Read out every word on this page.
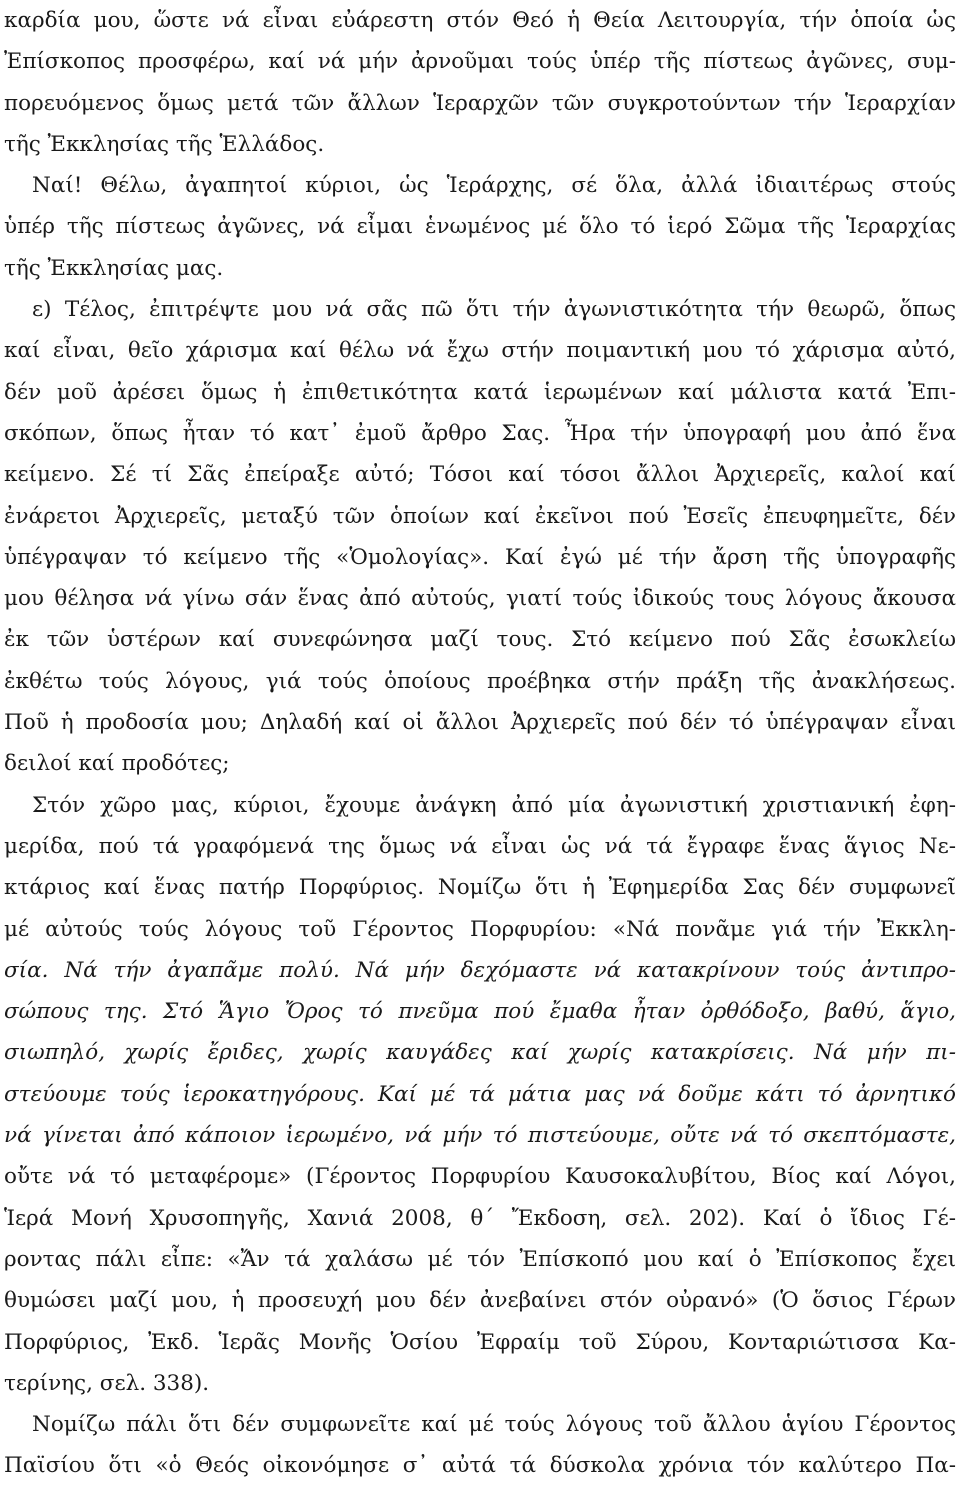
καρδία μου, ὥστε νά εἶναι εὐάρεστη στόν Θεό ἡ Θεία Λειτουργία, τήν ὁποία ὡς
Ἐπίσκοπος προσφέρω, καί νά μήν ἀρνοῦμαι τούς ὑπέρ τῆς πίστεως ἀγῶνες, συμ-
πορευόμενος ὅμως μετά τῶν ἄλλων Ἱεραρχῶν τῶν συγκροτούντων τήν Ἱεραρχίαν
τῆς Ἐκκλησίας τῆς Ἑλλάδος.
Ναί! Θέλω, ἀγαπητοί κύριοι, ὡς Ἱεράρχης, σέ ὅλα, ἀλλά ἰδιαιτέρως στούς
ὑπέρ τῆς πίστεως ἀγῶνες, νά εἶμαι ἑνωμένος μέ ὅλο τό ἱερό Σῶμα τῆς Ἱεραρχίας
τῆς Ἐκκλησίας μας.
ε) Τέλος, ἐπιτρέψτε μου νά σᾶς πῶ ὅτι τήν ἀγωνιστικότητα τήν θεωρῶ, ὅπως
καί εἶναι, θεῖο χάρισμα καί θέλω νά ἔχω στήν ποιμαντική μου τό χάρισμα αὐτό,
δέν μοῦ ἀρέσει ὅμως ἡ ἐπιθετικότητα κατά ἱερωμένων καί μάλιστα κατά Ἐπι-
σκόπων, ὅπως ἦταν τό κατ᾿ ἐμοῦ ἄρθρο Σας. Ἦρα τήν ὑπογραφή μου ἀπό ἕνα
κείμενο. Σέ τί Σᾶς ἐπείραξε αὐτό; Τόσοι καί τόσοι ἄλλοι Ἀρχιερεῖς, καλοί καί
ἐνάρετοι Ἀρχιερεῖς, μεταξύ τῶν ὁποίων καί ἐκεῖνοι πού Ἐσεῖς ἐπευφημεῖτε, δέν
ὑπέγραψαν τό κείμενο τῆς «Ὁμολογίας». Καί ἐγώ μέ τήν ἄρση τῆς ὑπογραφῆς
μου θέλησα νά γίνω σάν ἕνας ἀπό αὐτούς, γιατί τούς ἰδικούς τους λόγους ἄκουσα
ἐκ τῶν ὑστέρων καί συνεφώνησα μαζί τους. Στό κείμενο πού Σᾶς ἐσωκλείω
ἐκθέτω τούς λόγους, γιά τούς ὁποίους προέβηκα στήν πράξη τῆς ἀνακλήσεως.
Ποῦ ἡ προδοσία μου; Δηλαδή καί οἱ ἄλλοι Ἀρχιερεῖς πού δέν τό ὑπέγραψαν εἶναι
δειλοί καί προδότες;
Στόν χῶρο μας, κύριοι, ἔχουμε ἀνάγκη ἀπό μία ἀγωνιστική χριστιανική ἐφη-
μερίδα, πού τά γραφόμενά της ὅμως νά εἶναι ὡς νά τά ἔγραφε ἕνας ἅγιος Νε-
κτάριος καί ἕνας πατήρ Πορφύριος. Νομίζω ὅτι ἡ Ἐφημερίδα Σας δέν συμφωνεῖ
μέ αὐτούς τούς λόγους τοῦ Γέροντος Πορφυρίου: «Νά πονᾶμε γιά τήν Ἐκκλη-
σία. Νά τήν ἀγαπᾶμε πολύ. Νά μήν δεχόμαστε νά κατακρίνουν τούς ἀντιπρο-
σώπους της. Στό Ἅγιο Ὄρος τό πνεῦμα πού ἔμαθα ἦταν ὀρθόδοξο, βαθύ, ἅγιο,
σιωπηλό, χωρίς ἔριδες, χωρίς καυγάδες καί χωρίς κατακρίσεις. Νά μήν πι-
στεύουμε τούς ἱεροκατηγόρους. Καί μέ τά μάτια μας νά δοῦμε κάτι τό ἀρνητικό
νά γίνεται ἀπό κάποιον ἱερωμένο, νά μήν τό πιστεύουμε, οὔτε νά τό σκεπτόμαστε,
οὔτε νά τό μεταφέρομε» (Γέροντος Πορφυρίου Καυσοκαλυβίτου, Βίος καί Λόγοι,
Ἱερά Μονή Χρυσοπηγῆς, Χανιά 2008, θ΄ Ἔκδοση, σελ. 202). Καί ὁ ἴδιος Γέ-
ροντας πάλι εἶπε: «Ἄν τά χαλάσω μέ τόν Ἐπίσκοπό μου καί ὁ Ἐπίσκοπος ἔχει
θυμώσει μαζί μου, ἡ προσευχή μου δέν ἀνεβαίνει στόν οὐρανό» (Ὁ ὅσιος Γέρων
Πορφύριος, Ἐκδ. Ἱερᾶς Μονῆς Ὁσίου Ἐφραίμ τοῦ Σύρου, Κονταριώτισσα Κα-
τερίνης, σελ. 338).
Νομίζω πάλι ὅτι δέν συμφωνεῖτε καί μέ τούς λόγους τοῦ ἄλλου ἁγίου Γέροντος
Παϊσίου ὅτι «ὁ Θεός οἰκονόμησε σ᾿ αὐτά τά δύσκολα χρόνια τόν καλύτερο Πα-
